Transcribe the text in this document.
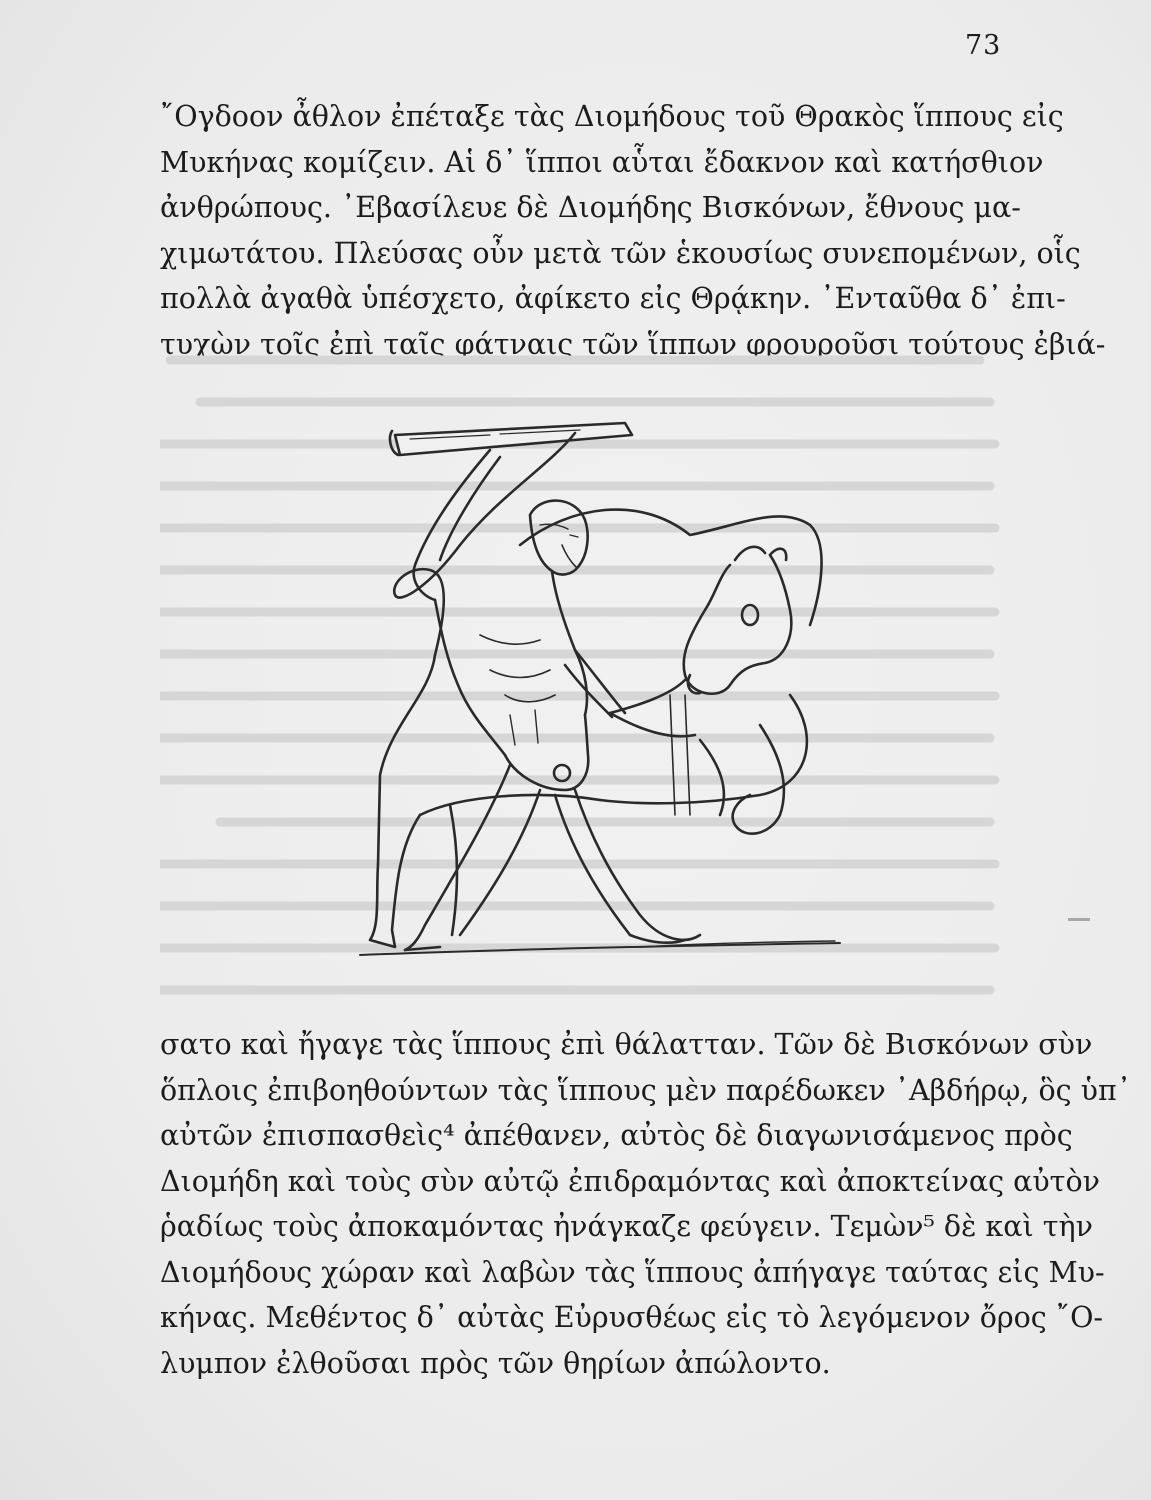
73
῎Ογδοον ἆθλον ἐπέταξε τὰς Διομήδους τοῦ Θρακὸς ἵππους εἰς
Μυκήνας κομίζειν. Αἱ δ᾽ ἵπποι αὗται ἔδακνον καὶ κατήσθιον
ἀνθρώπους. ᾿Εβασίλευε δὲ Διομήδης Βισκόνων, ἔθνους μα-
χιμωτάτου. Πλεύσας οὖν μετὰ τῶν ἑκουσίως συνεπομένων, οἷς
πολλὰ ἀγαθὰ ὑπέσχετο, ἀφίκετο εἰς Θρᾴκην. ᾿Ενταῦθα δ᾽ ἐπι-
τυχὼν τοῖς ἐπὶ ταῖς φάτναις τῶν ἵππων φρουροῦσι τούτους ἐβιά-
σατο καὶ ἤγαγε τὰς ἵππους ἐπὶ θάλατταν. Τῶν δὲ Βισκόνων σὺν
ὅπλοις ἐπιβοηθούντων τὰς ἵππους μὲν παρέδωκεν ᾿Αβδήρῳ, ὃς ὑπ᾽
αὐτῶν ἐπισπασθεὶς⁴ ἀπέθανεν, αὐτὸς δὲ διαγωνισάμενος πρὸς
Διομήδη καὶ τοὺς σὺν αὐτῷ ἐπιδραμόντας καὶ ἀποκτείνας αὐτὸν
ῥαδίως τοὺς ἀποκαμόντας ἠνάγκαζε φεύγειν. Τεμὼν⁵ δὲ καὶ τὴν
Διομήδους χώραν καὶ λαβὼν τὰς ἵππους ἀπήγαγε ταύτας εἰς Μυ-
κήνας. Μεθέντος δ᾽ αὐτὰς Εὐρυσθέως εἰς τὸ λεγόμενον ὄρος ῎Ο-
λυμπον ἐλθοῦσαι πρὸς τῶν θηρίων ἀπώλοντο.
